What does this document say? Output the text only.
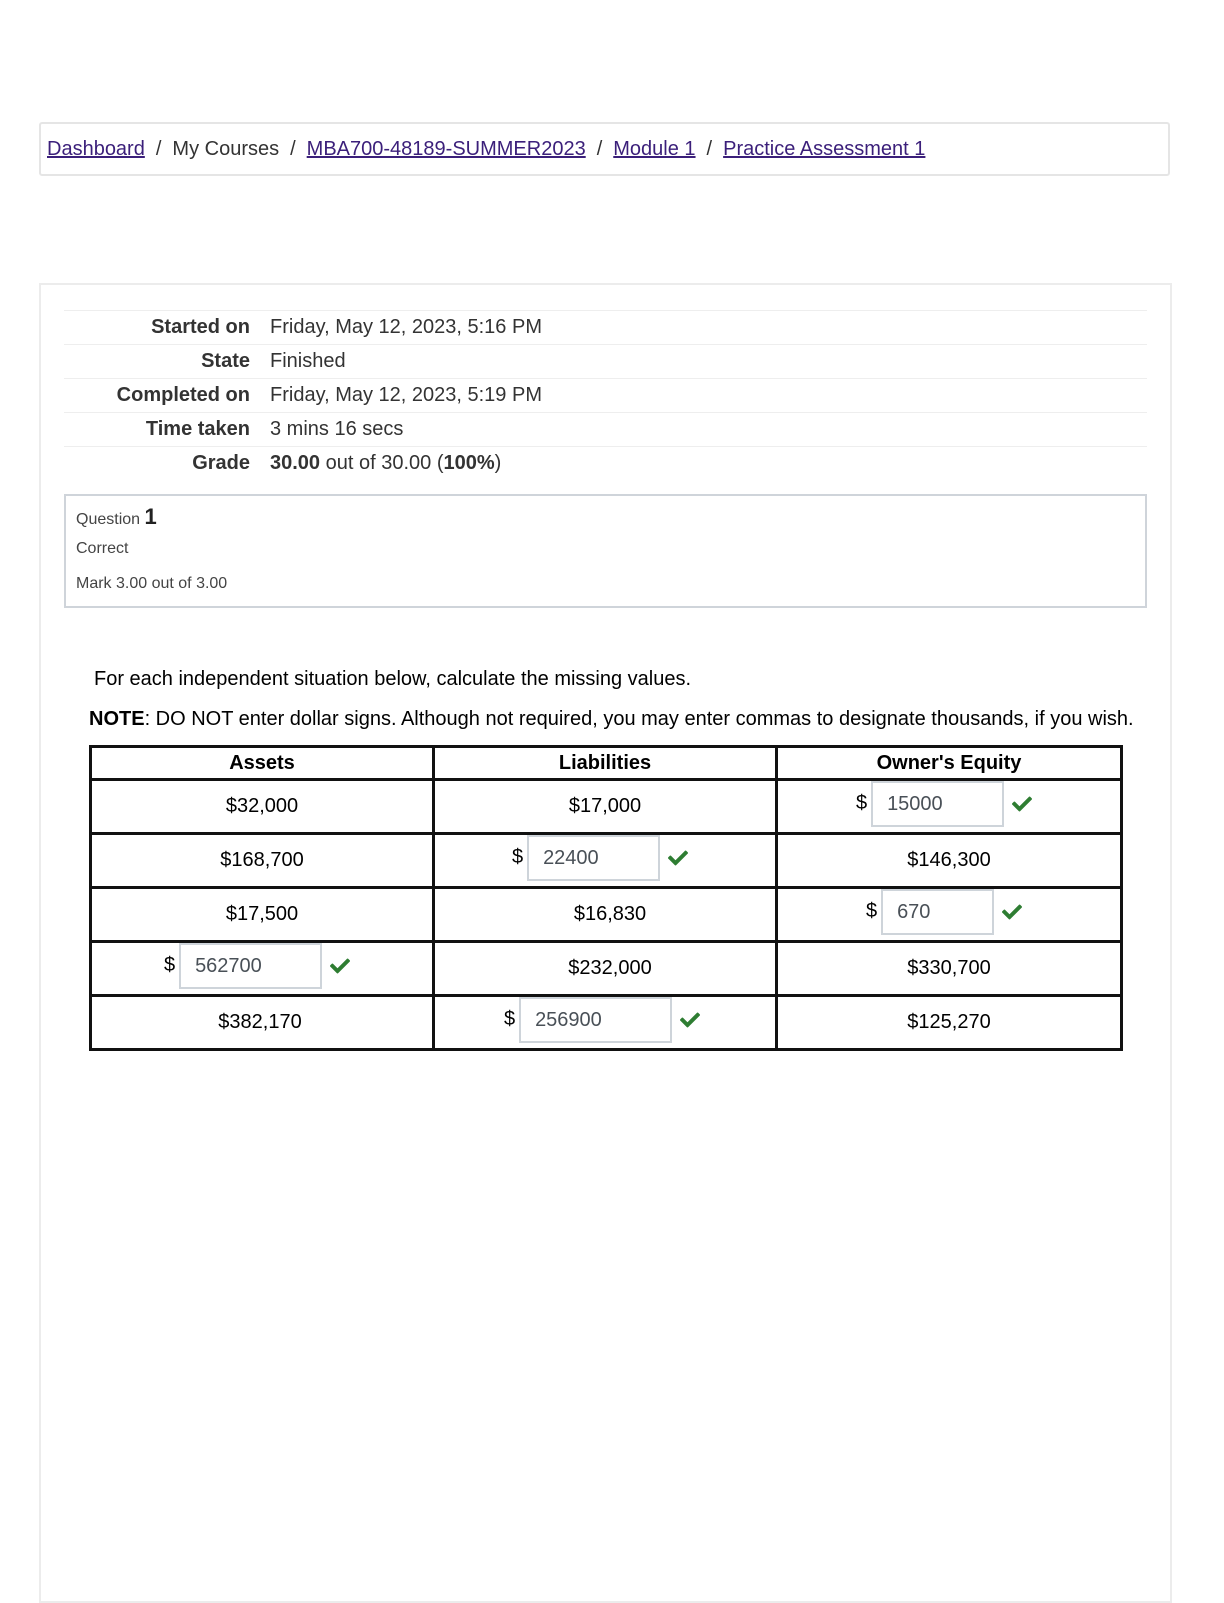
Dashboard / My Courses / MBA700-48189-SUMMER2023 / Module 1 / Practice Assessment 1
Started on	Friday, May 12, 2023, 5:16 PM
State	Finished
Completed on	Friday, May 12, 2023, 5:19 PM
Time taken	3 mins 16 secs
Grade	30.00 out of 30.00 (100%)
Question 1
Correct
Mark 3.00 out of 3.00
For each independent situation below, calculate the missing values.
NOTE: DO NOT enter dollar signs. Although not required, you may enter commas to designate thousands, if you wish.
Assets	Liabilities	Owner's Equity
$32,000	$17,000	$ 15000

$168,700	$ 22400	$146,300
$17,500	$16,830	$ 670

$ 562700	$232,000	$330,700
$382,170	$ 256900	$125,270
